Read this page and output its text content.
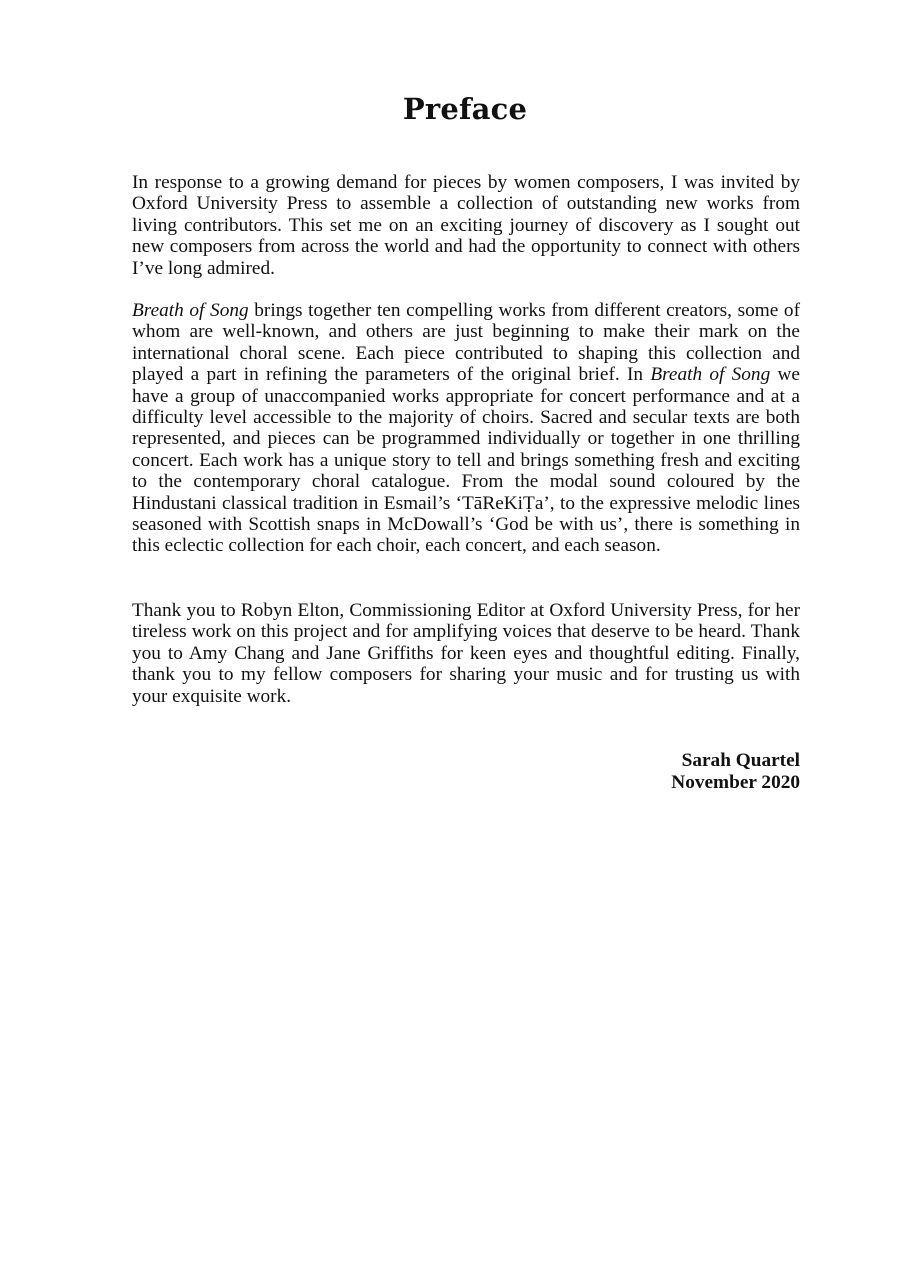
Preface

In response to a growing demand for pieces by women composers, I was invited by Oxford University Press to assemble a collection of outstanding new works from living contributors. This set me on an exciting journey of discovery as I sought out new composers from across the world and had the opportunity to connect with others I’ve long admired.

Breath of Song brings together ten compelling works from different creators, some of whom are well-known, and others are just beginning to make their mark on the international choral scene. Each piece contributed to shaping this collection and played a part in refining the parameters of the original brief. In Breath of Song we have a group of unaccompanied works appropriate for concert performance and at a difficulty level accessible to the majority of choirs. Sacred and secular texts are both represented, and pieces can be programmed individually or together in one thrilling concert. Each work has a unique story to tell and brings something fresh and exciting to the contemporary choral catalogue. From the modal sound coloured by the Hindustani classical tradition in Esmail’s ‘TāReKiṬa’, to the expressive melodic lines seasoned with Scottish snaps in McDowall’s ‘God be with us’, there is something in this eclectic collection for each choir, each concert, and each season.

Thank you to Robyn Elton, Commissioning Editor at Oxford University Press, for her tireless work on this project and for amplifying voices that deserve to be heard. Thank you to Amy Chang and Jane Griffiths for keen eyes and thoughtful editing. Finally, thank you to my fellow composers for sharing your music and for trusting us with your exquisite work.

Sarah Quartel
November 2020
